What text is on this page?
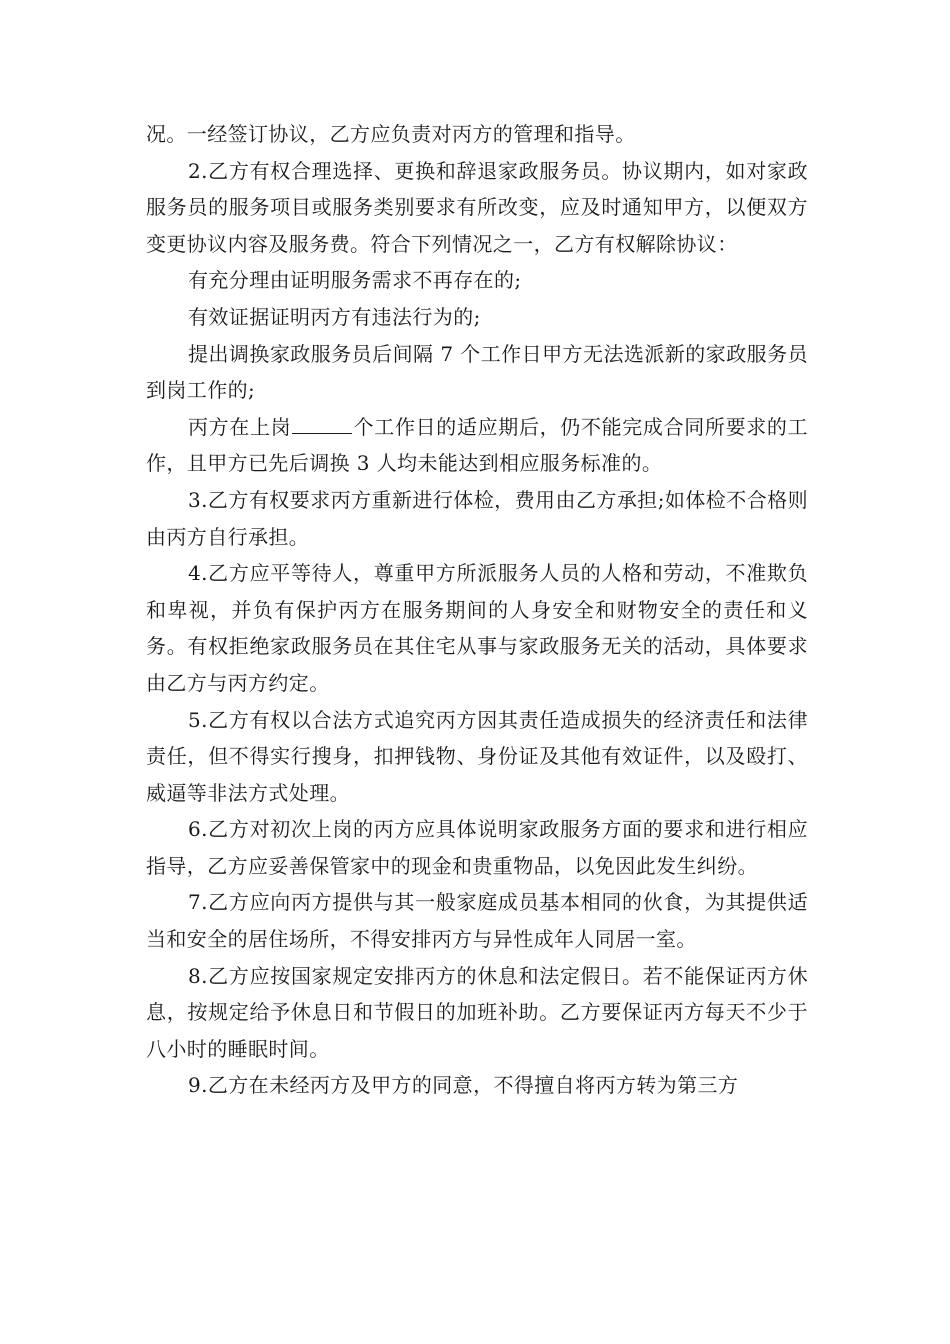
况。一经签订协议，乙方应负责对丙方的管理和指导。

2.乙方有权合理选择、更换和辞退家政服务员。协议期内，如对家政服务员的服务项目或服务类别要求有所改变，应及时通知甲方，以便双方变更协议内容及服务费。符合下列情况之一，乙方有权解除协议：

有充分理由证明服务需求不再存在的;

有效证据证明丙方有违法行为的;

提出调换家政服务员后间隔 7 个工作日甲方无法选派新的家政服务员到岗工作的;

丙方在上岗	个工作日的适应期后，仍不能完成合同所要求的工作，且甲方已先后调换 3 人均未能达到相应服务标准的。

3.乙方有权要求丙方重新进行体检，费用由乙方承担;如体检不合格则由丙方自行承担。

4.乙方应平等待人，尊重甲方所派服务人员的人格和劳动，不准欺负和卑视，并负有保护丙方在服务期间的人身安全和财物安全的责任和义务。有权拒绝家政服务员在其住宅从事与家政服务无关的活动，具体要求由乙方与丙方约定。

5.乙方有权以合法方式追究丙方因其责任造成损失的经济责任和法律责任，但不得实行搜身，扣押钱物、身份证及其他有效证件，以及殴打、威逼等非法方式处理。

6.乙方对初次上岗的丙方应具体说明家政服务方面的要求和进行相应指导，乙方应妥善保管家中的现金和贵重物品，以免因此发生纠纷。

7.乙方应向丙方提供与其一般家庭成员基本相同的伙食，为其提供适当和安全的居住场所，不得安排丙方与异性成年人同居一室。

8.乙方应按国家规定安排丙方的休息和法定假日。若不能保证丙方休息，按规定给予休息日和节假日的加班补助。乙方要保证丙方每天不少于八小时的睡眠时间。

9.乙方在未经丙方及甲方的同意，不得擅自将丙方转为第三方
